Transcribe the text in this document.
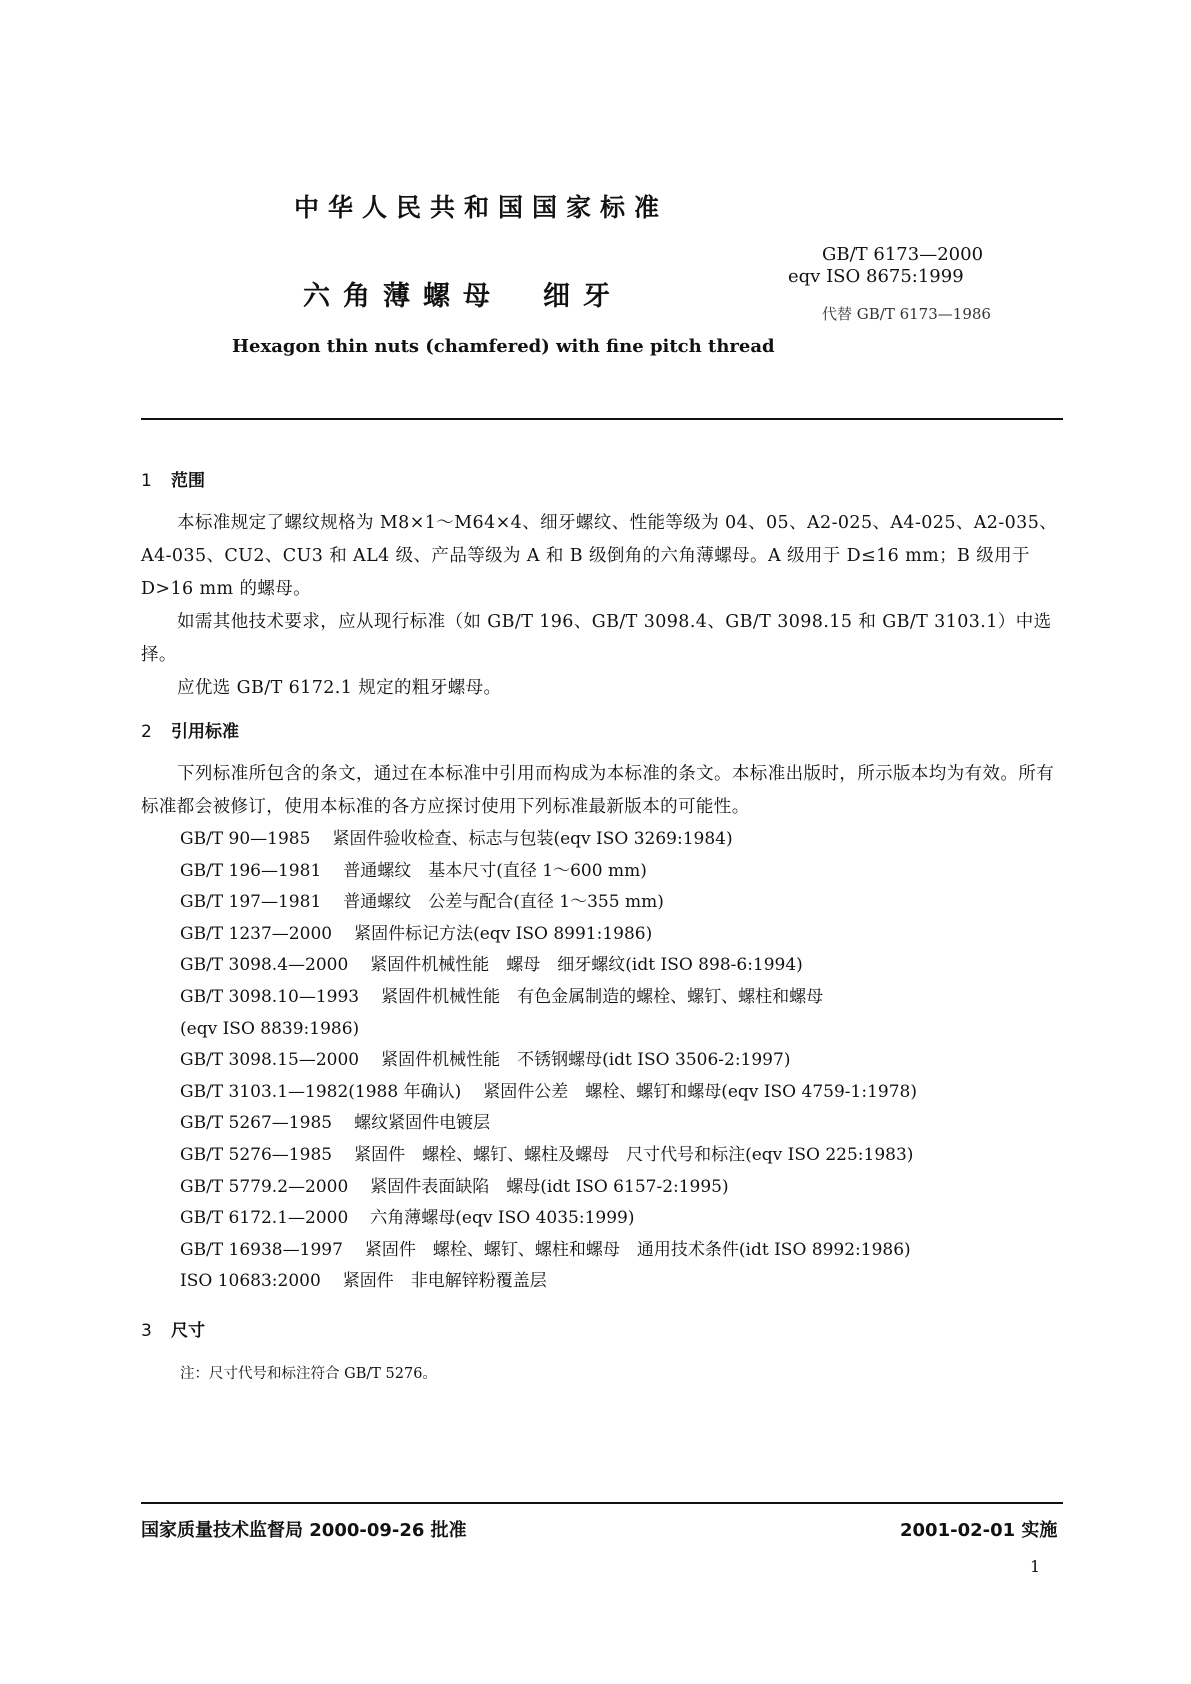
中华人民共和国国家标准
六角薄螺母 细牙
Hexagon thin nuts (chamfered) with fine pitch thread
GB/T 6173—2000
eqv ISO 8675:1999
代替 GB/T 6173—1986
1 范围

本标准规定了螺纹规格为 M8×1～M64×4、细牙螺纹、性能等级为 04、05、A2-025、A4-025、A2-035、A4-035、CU2、CU3 和 AL4 级、产品等级为 A 和 B 级倒角的六角薄螺母。A 级用于 D≤16 mm；B 级用于 D>16 mm 的螺母。

如需其他技术要求，应从现行标准（如 GB/T 196、GB/T 3098.4、GB/T 3098.15 和 GB/T 3103.1）中选择。

应优选 GB/T 6172.1 规定的粗牙螺母。

2 引用标准

下列标准所包含的条文，通过在本标准中引用而构成为本标准的条文。本标准出版时，所示版本均为有效。所有标准都会被修订，使用本标准的各方应探讨使用下列标准最新版本的可能性。

GB/T 90—1985 紧固件验收检查、标志与包装(eqv ISO 3269:1984)
GB/T 196—1981 普通螺纹　基本尺寸(直径 1～600 mm)
GB/T 197—1981 普通螺纹　公差与配合(直径 1～355 mm)
GB/T 1237—2000 紧固件标记方法(eqv ISO 8991:1986)
GB/T 3098.4—2000 紧固件机械性能　螺母　细牙螺纹(idt ISO 898-6:1994)
GB/T 3098.10—1993 紧固件机械性能　有色金属制造的螺栓、螺钉、螺柱和螺母
(eqv ISO 8839:1986)
GB/T 3098.15—2000 紧固件机械性能　不锈钢螺母(idt ISO 3506-2:1997)
GB/T 3103.1—1982(1988 年确认) 紧固件公差　螺栓、螺钉和螺母(eqv ISO 4759-1:1978)
GB/T 5267—1985 螺纹紧固件电镀层
GB/T 5276—1985 紧固件　螺栓、螺钉、螺柱及螺母　尺寸代号和标注(eqv ISO 225:1983)
GB/T 5779.2—2000 紧固件表面缺陷　螺母(idt ISO 6157-2:1995)
GB/T 6172.1—2000 六角薄螺母(eqv ISO 4035:1999)
GB/T 16938—1997 紧固件　螺栓、螺钉、螺柱和螺母　通用技术条件(idt ISO 8992:1986)
ISO 10683:2000 紧固件　非电解锌粉覆盖层
3 尺寸
注：尺寸代号和标注符合 GB/T 5276。
国家质量技术监督局 2000-09-26 批准	2001-02-01 实施
1
